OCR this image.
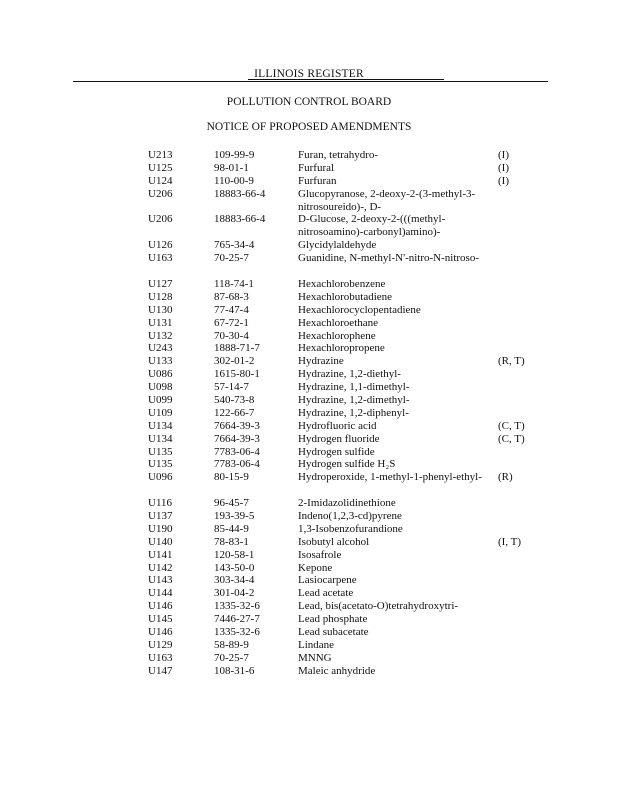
ILLINOIS REGISTER
POLLUTION CONTROL BOARD
NOTICE OF PROPOSED AMENDMENTS
U213	109-99-9	Furan, tetrahydro-	(I)
U125	98-01-1	Furfural	(I)
U124	110-00-9	Furfuran	(I)
U206	18883-66-4	Glucopyranose, 2-deoxy-2-(3-methyl-3-nitrosoureido)-, D-
U206	18883-66-4	D-Glucose, 2-deoxy-2-(((methyl-nitrosoamino)-carbonyl)amino)-
U126	765-34-4	Glycidylaldehyde
U163	70-25-7	Guanidine, N-methyl-N'-nitro-N-nitroso-
U127	118-74-1	Hexachlorobenzene
U128	87-68-3	Hexachlorobutadiene
U130	77-47-4	Hexachlorocyclopentadiene
U131	67-72-1	Hexachloroethane
U132	70-30-4	Hexachlorophene
U243	1888-71-7	Hexachloropropene
U133	302-01-2	Hydrazine	(R, T)
U086	1615-80-1	Hydrazine, 1,2-diethyl-
U098	57-14-7	Hydrazine, 1,1-dimethyl-
U099	540-73-8	Hydrazine, 1,2-dimethyl-
U109	122-66-7	Hydrazine, 1,2-diphenyl-
U134	7664-39-3	Hydrofluoric acid	(C, T)
U134	7664-39-3	Hydrogen fluoride	(C, T)
U135	7783-06-4	Hydrogen sulfide
U135	7783-06-4	Hydrogen sulfide H₂S
U096	80-15-9	Hydroperoxide, 1-methyl-1-phenyl-ethyl-	(R)
U116	96-45-7	2-Imidazolidinethione
U137	193-39-5	Indeno(1,2,3-cd)pyrene
U190	85-44-9	1,3-Isobenzofurandione
U140	78-83-1	Isobutyl alcohol	(I, T)
U141	120-58-1	Isosafrole
U142	143-50-0	Kepone
U143	303-34-4	Lasiocarpene
U144	301-04-2	Lead acetate
U146	1335-32-6	Lead, bis(acetato-O)tetrahydroxytri-
U145	7446-27-7	Lead phosphate
U146	1335-32-6	Lead subacetate
U129	58-89-9	Lindane
U163	70-25-7	MNNG
U147	108-31-6	Maleic anhydride
